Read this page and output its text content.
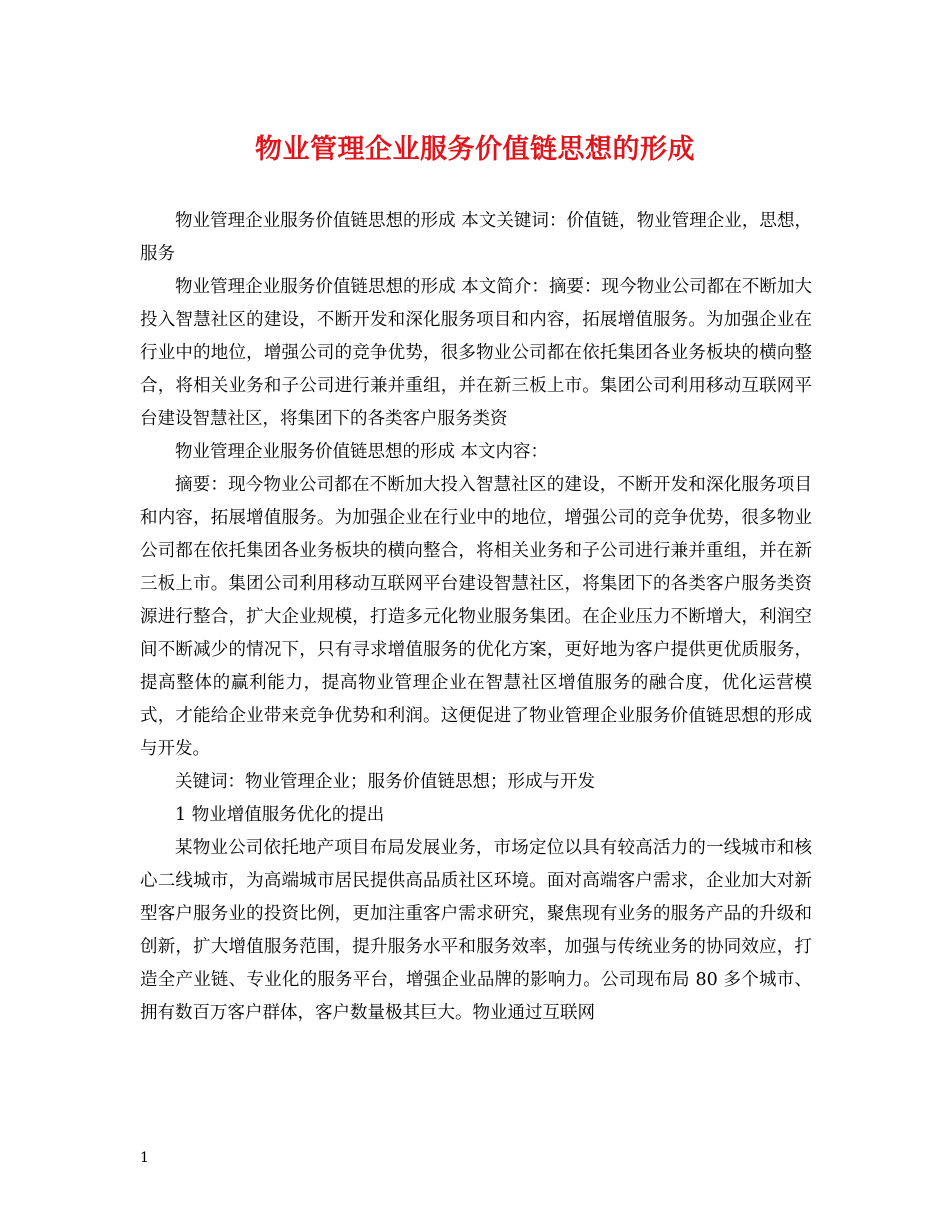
物业管理企业服务价值链思想的形成

物业管理企业服务价值链思想的形成 本文关键词：价值链，物业管理企业，思想，服务

物业管理企业服务价值链思想的形成 本文简介：摘要：现今物业公司都在不断加大投入智慧社区的建设，不断开发和深化服务项目和内容，拓展增值服务。为加强企业在行业中的地位，增强公司的竞争优势，很多物业公司都在依托集团各业务板块的横向整合，将相关业务和子公司进行兼并重组，并在新三板上市。集团公司利用移动互联网平台建设智慧社区，将集团下的各类客户服务类资

物业管理企业服务价值链思想的形成 本文内容：

摘要：现今物业公司都在不断加大投入智慧社区的建设，不断开发和深化服务项目和内容，拓展增值服务。为加强企业在行业中的地位，增强公司的竞争优势，很多物业公司都在依托集团各业务板块的横向整合，将相关业务和子公司进行兼并重组，并在新三板上市。集团公司利用移动互联网平台建设智慧社区，将集团下的各类客户服务类资源进行整合，扩大企业规模，打造多元化物业服务集团。在企业压力不断增大，利润空间不断减少的情况下，只有寻求增值服务的优化方案，更好地为客户提供更优质服务，提高整体的赢利能力，提高物业管理企业在智慧社区增值服务的融合度，优化运营模式，才能给企业带来竞争优势和利润。这便促进了物业管理企业服务价值链思想的形成与开发。

关键词：物业管理企业；服务价值链思想；形成与开发

1 物业增值服务优化的提出

某物业公司依托地产项目布局发展业务，市场定位以具有较高活力的一线城市和核心二线城市，为高端城市居民提供高品质社区环境。面对高端客户需求，企业加大对新型客户服务业的投资比例，更加注重客户需求研究，聚焦现有业务的服务产品的升级和创新，扩大增值服务范围，提升服务水平和服务效率，加强与传统业务的协同效应，打造全产业链、专业化的服务平台，增强企业品牌的影响力。公司现布局 80 多个城市、拥有数百万客户群体，客户数量极其巨大。物业通过互联网

1
